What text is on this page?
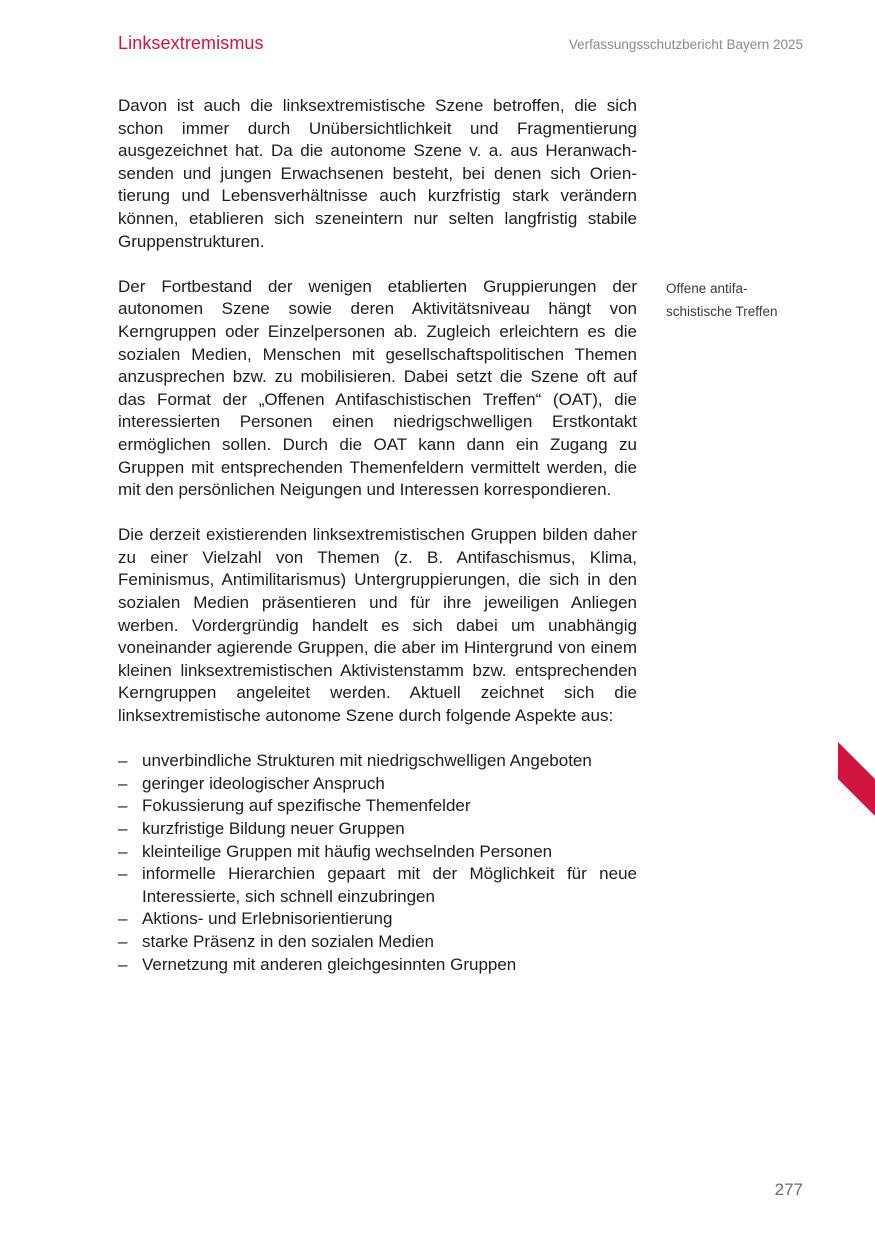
Linksextremismus	Verfassungsschutzbericht Bayern 2025

Davon ist auch die linksextremistische Szene betroffen, die sich schon immer durch Unübersichtlichkeit und Fragmentierung ausgezeichnet hat. Da die autonome Szene v. a. aus Heranwachsenden und jungen Erwachsenen besteht, bei denen sich Orientierung und Lebensverhältnisse auch kurzfristig stark verändern können, etablieren sich szeneintern nur selten langfristig stabile Gruppenstrukturen.

Der Fortbestand der wenigen etablierten Gruppierungen der autonomen Szene sowie deren Aktivitätsniveau hängt von Kerngruppen oder Einzelpersonen ab. Zugleich erleichtern es die sozialen Medien, Menschen mit gesellschaftspolitischen Themen anzusprechen bzw. zu mobilisieren. Dabei setzt die Szene oft auf das Format der „Offenen Antifaschistischen Treffen“ (OAT), die interessierten Personen einen niedrigschwelligen Erstkontakt ermöglichen sollen. Durch die OAT kann dann ein Zugang zu Gruppen mit entsprechenden Themenfeldern vermittelt werden, die mit den persönlichen Neigungen und Interessen korrespondieren.

Die derzeit existierenden linksextremistischen Gruppen bilden daher zu einer Vielzahl von Themen (z. B. Antifaschismus, Klima, Feminismus, Antimilitarismus) Untergruppierungen, die sich in den sozialen Medien präsentieren und für ihre jeweiligen Anliegen werben. Vordergründig handelt es sich dabei um unabhängig voneinander agierende Gruppen, die aber im Hintergrund von einem kleinen linksextremistischen Aktivistenstamm bzw. entsprechenden Kerngruppen angeleitet werden. Aktuell zeichnet sich die linksextremistische autonome Szene durch folgende Aspekte aus:

– unverbindliche Strukturen mit niedrigschwelligen Angeboten
– geringer ideologischer Anspruch
– Fokussierung auf spezifische Themenfelder
– kurzfristige Bildung neuer Gruppen
– kleinteilige Gruppen mit häufig wechselnden Personen
– informelle Hierarchien gepaart mit der Möglichkeit für neue Interessierte, sich schnell einzubringen
– Aktions- und Erlebnisorientierung
– starke Präsenz in den sozialen Medien
– Vernetzung mit anderen gleichgesinnten Gruppen
Offene antifa-
schistische Treffen
277
